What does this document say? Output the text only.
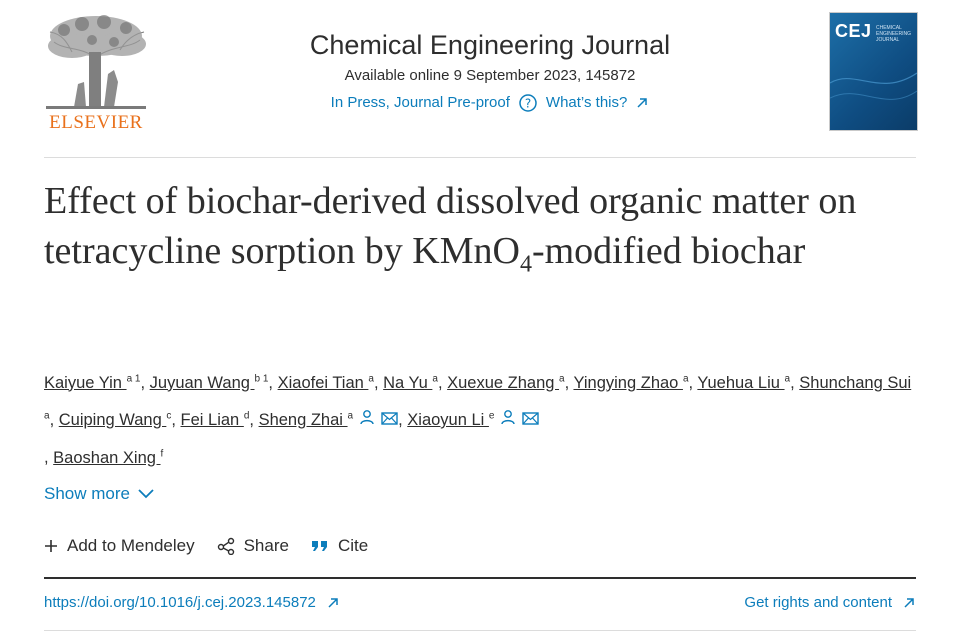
ELSEVIER
Chemical Engineering Journal
Available online 9 September 2023, 145872
In Press, Journal Pre-proof ? What’s this?
CEJ CHEMICAL ENGINEERING JOURNAL
Effect of biochar-derived dissolved organic matter on tetracycline sorption by KMnO$_4$-modified biochar
Kaiyue Yin $^{a 1}$, Juyuan Wang $^{b 1}$, Xiaofei Tian $^a$, Na Yu $^a$, Xuexue Zhang $^a$, Yingying Zhao $^a$, Yuehua Liu $^a$, Shunchang Sui $^a$, Cuiping Wang $^c$, Fei Lian $^d$, Sheng Zhai $^a$	, Xiaoyun Li $^e$
, Baoshan Xing $^f$
Show more
Add to Mendeley	Share	Cite
https://doi.org/10.1016/j.cej.2023.145872	Get rights and content
